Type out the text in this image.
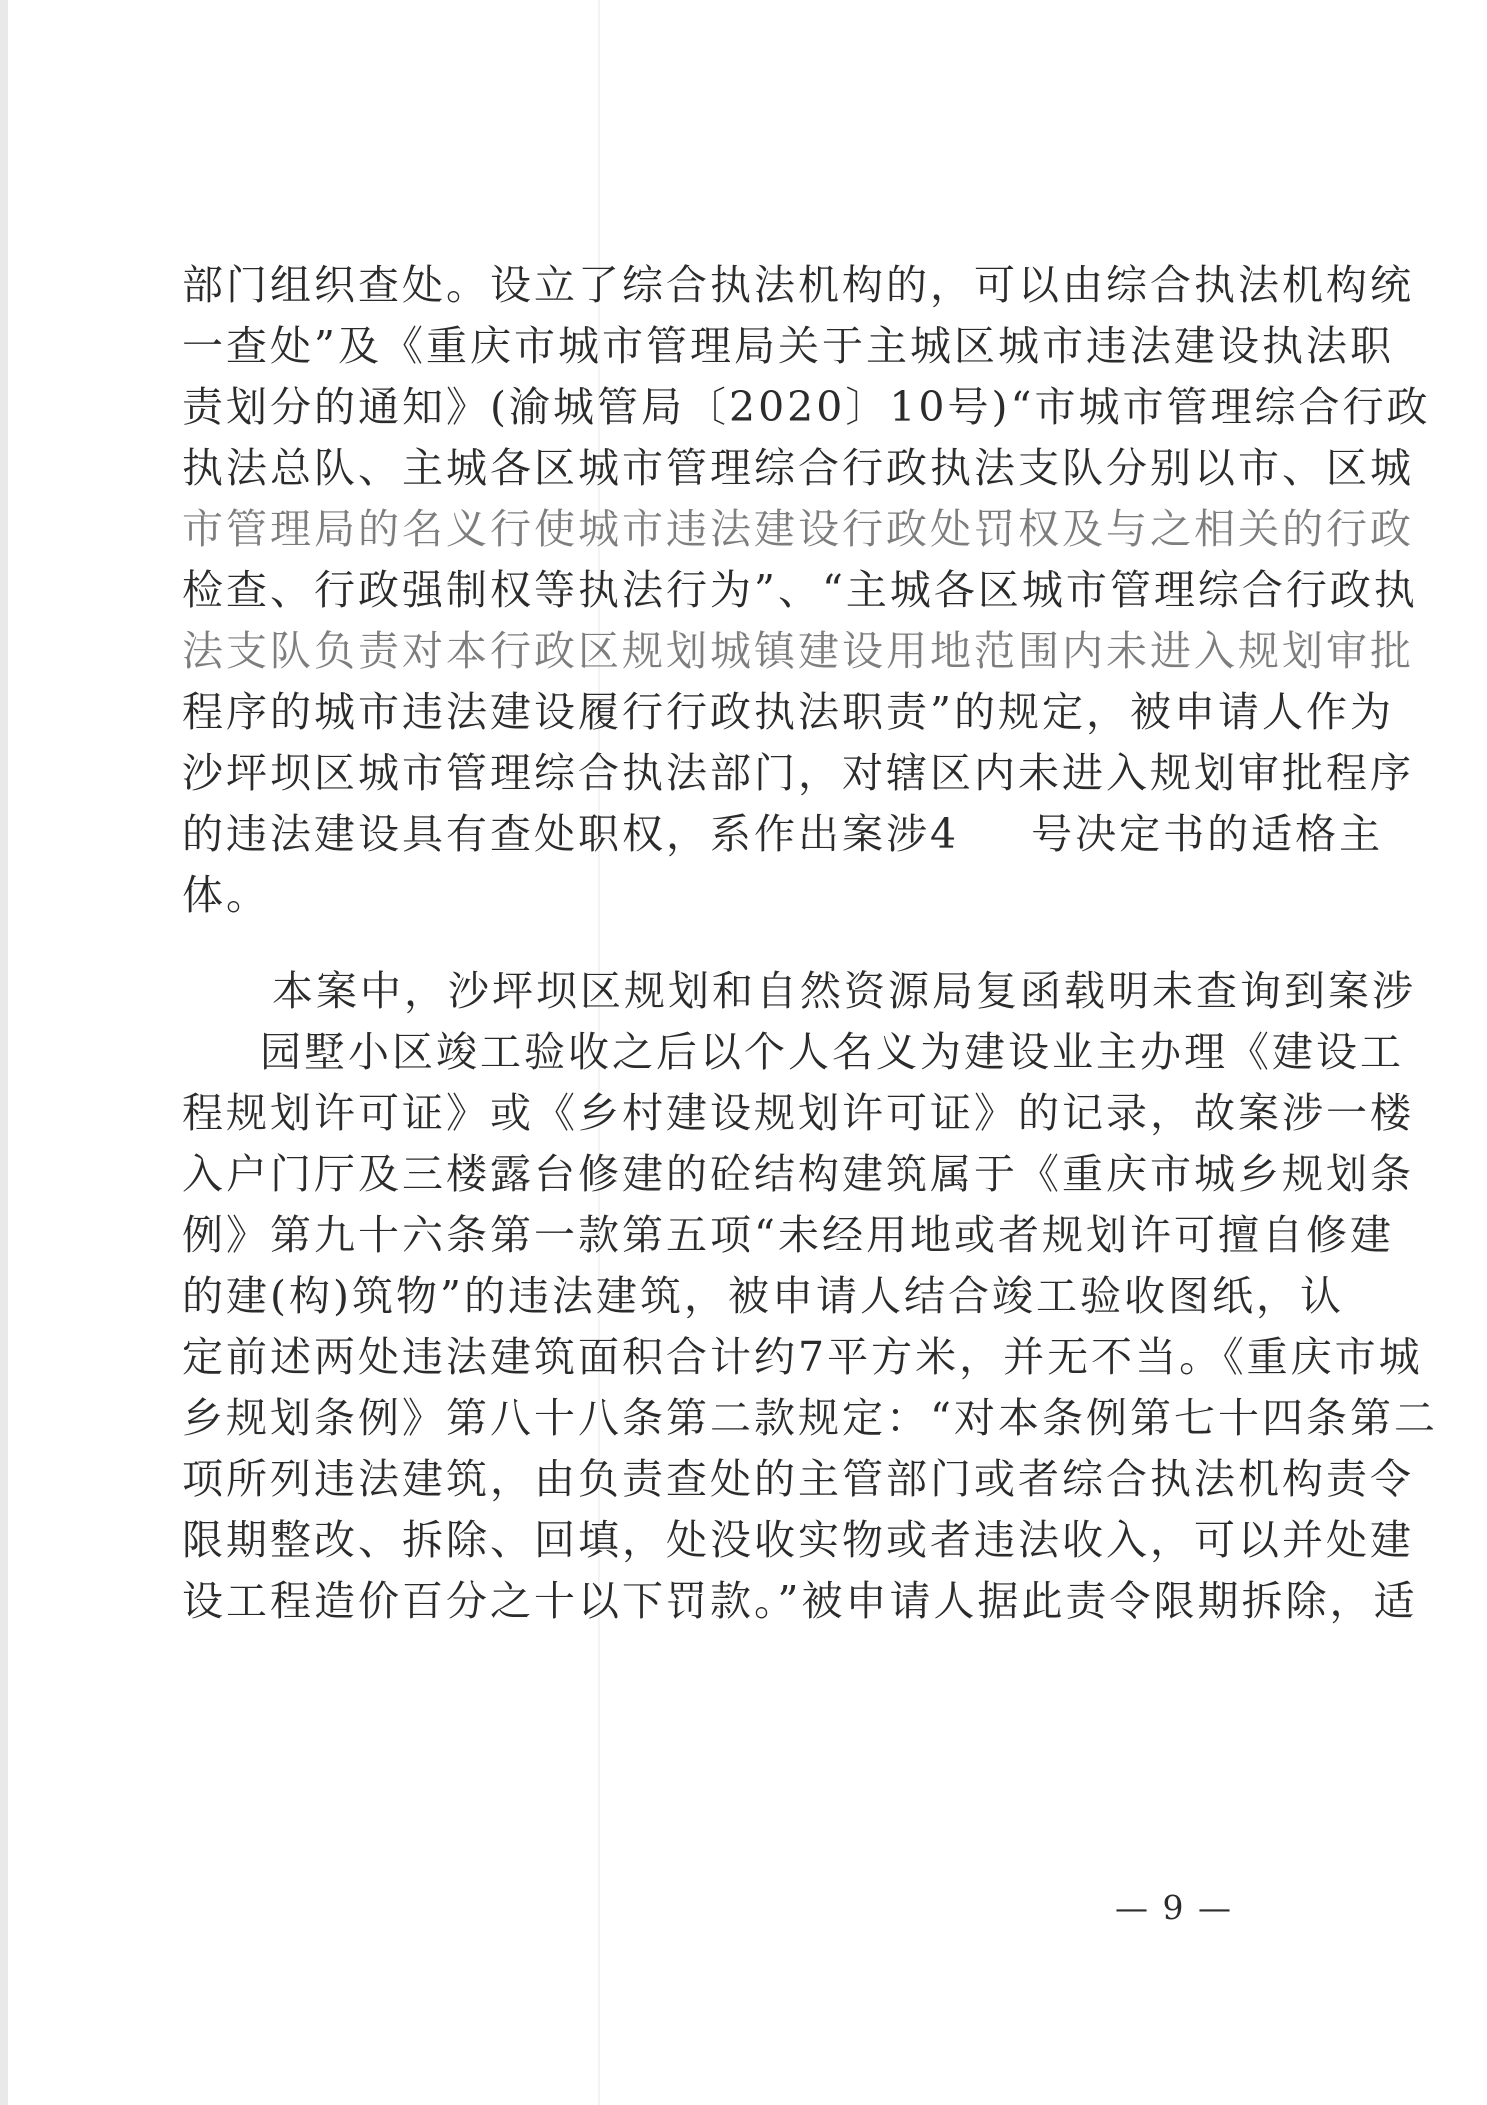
部门组织查处。设立了综合执法机构的，可以由综合执法机构统
一查处”及《重庆市城市管理局关于主城区城市违法建设执法职
责划分的通知》(渝城管局〔2020〕10号)“市城市管理综合行政
执法总队、主城各区城市管理综合行政执法支队分别以市、区城
市管理局的名义行使城市违法建设行政处罚权及与之相关的行政
检查、行政强制权等执法行为”、“主城各区城市管理综合行政执
法支队负责对本行政区规划城镇建设用地范围内未进入规划审批
程序的城市违法建设履行行政执法职责”的规定，被申请人作为
沙坪坝区城市管理综合执法部门，对辖区内未进入规划审批程序
的违法建设具有查处职权，系作出案涉4 号决定书的适格主
体。
本案中，沙坪坝区规划和自然资源局复函载明未查询到案涉
园墅小区竣工验收之后以个人名义为建设业主办理《建设工
程规划许可证》或《乡村建设规划许可证》的记录，故案涉一楼
入户门厅及三楼露台修建的砼结构建筑属于《重庆市城乡规划条
例》第九十六条第一款第五项“未经用地或者规划许可擅自修建
的建(构)筑物”的违法建筑，被申请人结合竣工验收图纸，认
定前述两处违法建筑面积合计约7平方米，并无不当。《重庆市城
乡规划条例》第八十八条第二款规定：“对本条例第七十四条第二
项所列违法建筑，由负责查处的主管部门或者综合执法机构责令
限期整改、拆除、回填，处没收实物或者违法收入，可以并处建
设工程造价百分之十以下罚款。”被申请人据此责令限期拆除，适
— 9 —
